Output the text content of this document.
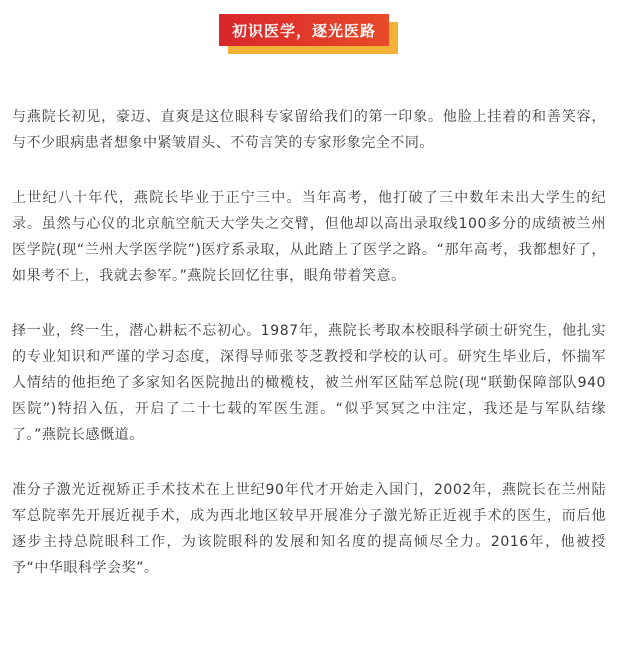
初识医学，逐光医路

与燕院长初见，豪迈、直爽是这位眼科专家留给我们的第一印象。他脸上挂着的和善笑容，与不少眼病患者想象中紧皱眉头、不苟言笑的专家形象完全不同。

上世纪八十年代，燕院长毕业于正宁三中。当年高考，他打破了三中数年未出大学生的纪录。虽然与心仪的北京航空航天大学失之交臂，但他却以高出录取线100多分的成绩被兰州医学院(现“兰州大学医学院”)医疗系录取，从此踏上了医学之路。“那年高考，我都想好了，如果考不上，我就去参军。”燕院长回忆往事，眼角带着笑意。

择一业，终一生，潜心耕耘不忘初心。1987年，燕院长考取本校眼科学硕士研究生，他扎实的专业知识和严谨的学习态度，深得导师张苓芝教授和学校的认可。研究生毕业后，怀揣军人情结的他拒绝了多家知名医院抛出的橄榄枝，被兰州军区陆军总院(现“联勤保障部队940医院”)特招入伍，开启了二十七载的军医生涯。“似乎冥冥之中注定，我还是与军队结缘了。”燕院长感慨道。

准分子激光近视矫正手术技术在上世纪90年代才开始走入国门，2002年，燕院长在兰州陆军总院率先开展近视手术，成为西北地区较早开展准分子激光矫正近视手术的医生，而后他逐步主持总院眼科工作，为该院眼科的发展和知名度的提高倾尽全力。2016年，他被授予“中华眼科学会奖”。
